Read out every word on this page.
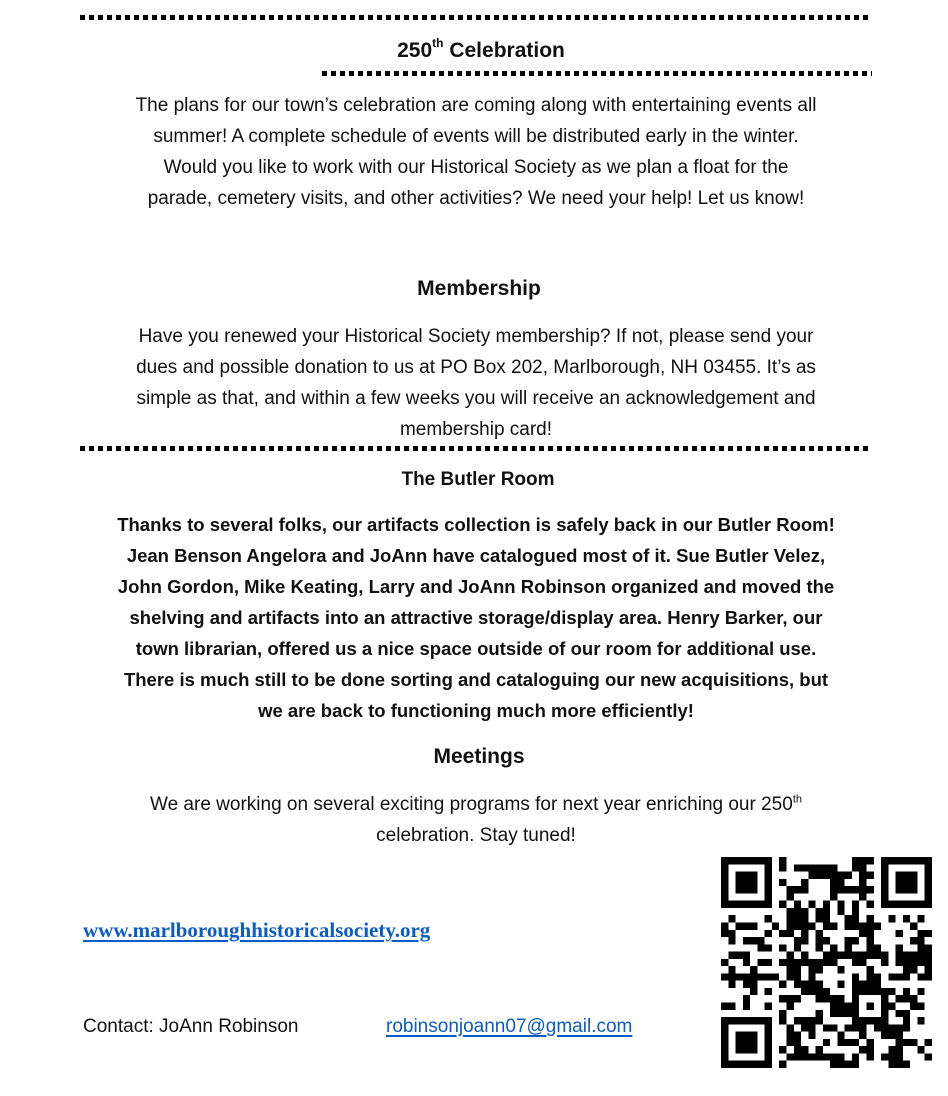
250th Celebration
The plans for our town’s celebration are coming along with entertaining events all
summer! A complete schedule of events will be distributed early in the winter.
Would you like to work with our Historical Society as we plan a float for the
parade, cemetery visits, and other activities? We need your help! Let us know!
Membership
Have you renewed your Historical Society membership? If not, please send your
dues and possible donation to us at PO Box 202, Marlborough, NH 03455. It’s as
simple as that, and within a few weeks you will receive an acknowledgement and
membership card!
The Butler Room
Thanks to several folks, our artifacts collection is safely back in our Butler Room!
Jean Benson Angelora and JoAnn have catalogued most of it. Sue Butler Velez,
John Gordon, Mike Keating, Larry and JoAnn Robinson organized and moved the
shelving and artifacts into an attractive storage/display area. Henry Barker, our
town librarian, offered us a nice space outside of our room for additional use.
There is much still to be done sorting and cataloguing our new acquisitions, but
we are back to functioning much more efficiently!
Meetings
We are working on several exciting programs for next year enriching our 250th
celebration. Stay tuned!
www.marlboroughhistoricalsociety.org
Contact: JoAnn Robinson	robinsonjoann07@gmail.com
